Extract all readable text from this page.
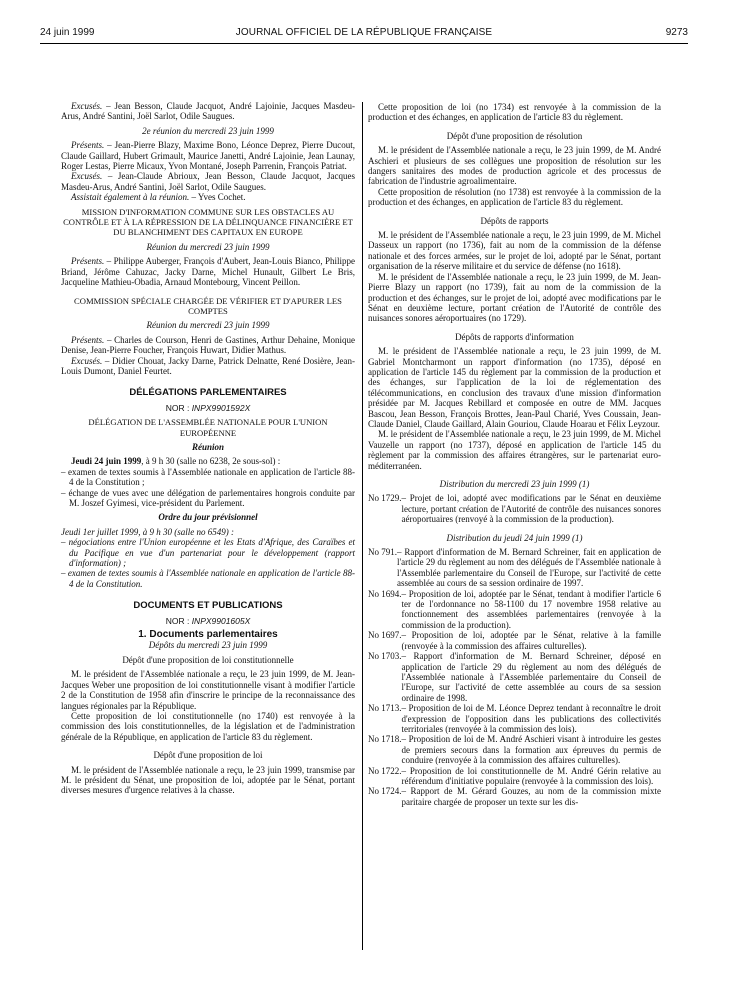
24 juin 1999	JOURNAL OFFICIEL DE LA RÉPUBLIQUE FRANÇAISE	9273

Excusés. – Jean Besson, Claude Jacquot, André Lajoinie, Jacques Masdeu-Arus, André Santini, Joël Sarlot, Odile Saugues.

2e réunion du mercredi 23 juin 1999

Présents. – Jean-Pierre Blazy, Maxime Bono, Léonce Deprez, Pierre Ducout, Claude Gaillard, Hubert Grimault, Maurice Janetti, André Lajoinie, Jean Launay, Roger Lestas, Pierre Micaux, Yvon Montané, Joseph Parrenin, François Patriat.

Excusés. – Jean-Claude Abrioux, Jean Besson, Claude Jacquot, Jacques Masdeu-Arus, André Santini, Joël Sarlot, Odile Saugues.

Assistait également à la réunion. – Yves Cochet.

MISSION D'INFORMATION COMMUNE SUR LES OBSTACLES AU CONTRÔLE ET À LA RÉPRESSION DE LA DÉLINQUANCE FINANCIÈRE ET DU BLANCHIMENT DES CAPITAUX EN EUROPE

Réunion du mercredi 23 juin 1999

Présents. – Philippe Auberger, François d'Aubert, Jean-Louis Bianco, Philippe Briand, Jérôme Cahuzac, Jacky Darne, Michel Hunault, Gilbert Le Bris, Jacqueline Mathieu-Obadia, Arnaud Montebourg, Vincent Peillon.

COMMISSION SPÉCIALE CHARGÉE DE VÉRIFIER ET D'APURER LES COMPTES

Réunion du mercredi 23 juin 1999

Présents. – Charles de Courson, Henri de Gastines, Arthur Dehaine, Monique Denise, Jean-Pierre Foucher, François Huwart, Didier Mathus.

Excusés. – Didier Chouat, Jacky Darne, Patrick Delnatte, René Dosière, Jean-Louis Dumont, Daniel Feurtet.

DÉLÉGATIONS PARLEMENTAIRES

NOR : INPX9901592X

DÉLÉGATION DE L'ASSEMBLÉE NATIONALE POUR L'UNION EUROPÉENNE

Réunion

Jeudi 24 juin 1999, à 9 h 30 (salle no 6238, 2e sous-sol) :

– examen de textes soumis à l'Assemblée nationale en application de l'article 88-4 de la Constitution ;

– échange de vues avec une délégation de parlementaires hongrois conduite par M. Joszef Gyimesi, vice-président du Parlement.

Ordre du jour prévisionnel

Jeudi 1er juillet 1999, à 9 h 30 (salle no 6549) :

– négociations entre l'Union européenne et les Etats d'Afrique, des Caraïbes et du Pacifique en vue d'un partenariat pour le développement (rapport d'information) ;

– examen de textes soumis à l'Assemblée nationale en application de l'article 88-4 de la Constitution.

DOCUMENTS ET PUBLICATIONS

NOR : INPX9901605X

1. Documents parlementaires

Dépôts du mercredi 23 juin 1999

Dépôt d'une proposition de loi constitutionnelle

M. le président de l'Assemblée nationale a reçu, le 23 juin 1999, de M. Jean-Jacques Weber une proposition de loi constitutionnelle visant à modifier l'article 2 de la Constitution de 1958 afin d'inscrire le principe de la reconnaissance des langues régionales par la République.

Cette proposition de loi constitutionnelle (no 1740) est renvoyée à la commission des lois constitutionnelles, de la législation et de l'administration générale de la République, en application de l'article 83 du règlement.

Dépôt d'une proposition de loi

M. le président de l'Assemblée nationale a reçu, le 23 juin 1999, transmise par M. le président du Sénat, une proposition de loi, adoptée par le Sénat, portant diverses mesures d'urgence relatives à la chasse.

Cette proposition de loi (no 1734) est renvoyée à la commission de la production et des échanges, en application de l'article 83 du règlement.

Dépôt d'une proposition de résolution

M. le président de l'Assemblée nationale a reçu, le 23 juin 1999, de M. André Aschieri et plusieurs de ses collègues une proposition de résolution sur les dangers sanitaires des modes de production agricole et des processus de fabrication de l'industrie agroalimentaire.

Cette proposition de résolution (no 1738) est renvoyée à la commission de la production et des échanges, en application de l'article 83 du règlement.

Dépôts de rapports

M. le président de l'Assemblée nationale a reçu, le 23 juin 1999, de M. Michel Dasseux un rapport (no 1736), fait au nom de la commission de la défense nationale et des forces armées, sur le projet de loi, adopté par le Sénat, portant organisation de la réserve militaire et du service de défense (no 1618).

M. le président de l'Assemblée nationale a reçu, le 23 juin 1999, de M. Jean-Pierre Blazy un rapport (no 1739), fait au nom de la commission de la production et des échanges, sur le projet de loi, adopté avec modifications par le Sénat en deuxième lecture, portant création de l'Autorité de contrôle des nuisances sonores aéroportuaires (no 1729).

Dépôts de rapports d'information

M. le président de l'Assemblée nationale a reçu, le 23 juin 1999, de M. Gabriel Montcharmont un rapport d'information (no 1735), déposé en application de l'article 145 du règlement par la commission de la production et des échanges, sur l'application de la loi de réglementation des télécommunications, en conclusion des travaux d'une mission d'information présidée par M. Jacques Rebillard et composée en outre de MM. Jacques Bascou, Jean Besson, François Brottes, Jean-Paul Charié, Yves Coussain, Jean-Claude Daniel, Claude Gaillard, Alain Gouriou, Claude Hoarau et Félix Leyzour.

M. le président de l'Assemblée nationale a reçu, le 23 juin 1999, de M. Michel Vauzelle un rapport (no 1737), déposé en application de l'article 145 du règlement par la commission des affaires étrangères, sur le partenariat euro-méditerranéen.

Distribution du mercredi 23 juin 1999 (1)

No 1729. – Projet de loi, adopté avec modifications par le Sénat en deuxième lecture, portant création de l'Autorité de contrôle des nuisances sonores aéroportuaires (renvoyé à la commission de la production).

Distribution du jeudi 24 juin 1999 (1)

No 791. – Rapport d'information de M. Bernard Schreiner, fait en application de l'article 29 du règlement au nom des délégués de l'Assemblée nationale à l'Assemblée parlementaire du Conseil de l'Europe, sur l'activité de cette assemblée au cours de sa session ordinaire de 1997.
No 1694. – Proposition de loi, adoptée par le Sénat, tendant à modifier l'article 6 ter de l'ordonnance no 58-1100 du 17 novembre 1958 relative au fonctionnement des assemblées parlementaires (renvoyée à la commission de la production).
No 1697. – Proposition de loi, adoptée par le Sénat, relative à la famille (renvoyée à la commission des affaires culturelles).
No 1703. – Rapport d'information de M. Bernard Schreiner, déposé en application de l'article 29 du règlement au nom des délégués de l'Assemblée nationale à l'Assemblée parlementaire du Conseil de l'Europe, sur l'activité de cette assemblée au cours de sa session ordinaire de 1998.
No 1713. – Proposition de loi de M. Léonce Deprez tendant à reconnaître le droit d'expression de l'opposition dans les publications des collectivités territoriales (renvoyée à la commission des lois).
No 1718. – Proposition de loi de M. André Aschieri visant à introduire les gestes de premiers secours dans la formation aux épreuves du permis de conduire (renvoyée à la commission des affaires culturelles).
No 1722. – Proposition de loi constitutionnelle de M. André Gérin relative au référendum d'initiative populaire (renvoyée à la commission des lois).
No 1724. – Rapport de M. Gérard Gouzes, au nom de la commission mixte paritaire chargée de proposer un texte sur les dis-
